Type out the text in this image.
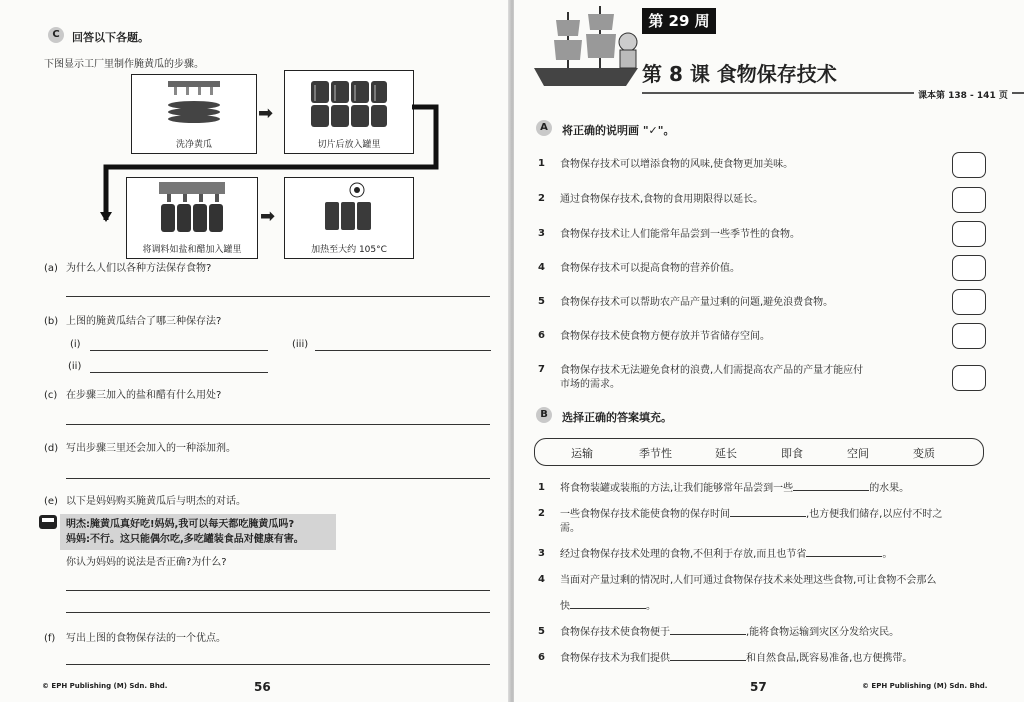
C	回答以下各题。
下图显示工厂里制作腌黄瓜的步骤。
洗净黄瓜
➡
切片后放入罐里
将调料如盐和醋加入罐里
➡
加热至大约 105°C
(a) 为什么人们以各种方法保存食物?
(b) 上图的腌黄瓜结合了哪三种保存法?
(i)	(iii)
(ii)
(c) 在步骤三加入的盐和醋有什么用处?
(d) 写出步骤三里还会加入的一种添加剂。
(e) 以下是妈妈购买腌黄瓜后与明杰的对话。
明杰:腌黄瓜真好吃!妈妈,我可以每天都吃腌黄瓜吗?
妈妈:不行。这只能偶尔吃,多吃罐装食品对健康有害。
你认为妈妈的说法是否正确?为什么?
(f) 写出上图的食物保存法的一个优点。
© EPH Publishing (M) Sdn. Bhd.	56
第 29 周
第 8 课 食物保存技术
课本第 138 - 141 页
A	将正确的说明画 "✓"。
1 食物保存技术可以增添食物的风味,使食物更加美味。
2 通过食物保存技术,食物的食用期限得以延长。
3 食物保存技术让人们能常年品尝到一些季节性的食物。
4 食物保存技术可以提高食物的营养价值。
5 食物保存技术可以帮助农产品产量过剩的问题,避免浪费食物。
6 食物保存技术使食物方便存放并节省储存空间。
7 食物保存技术无法避免食材的浪费,人们需提高农产品的产量才能应付
市场的需求。
B	选择正确的答案填充。
运输	季节性	延长	即食	空间	变质
1 将食物装罐或装瓶的方法,让我们能够常年品尝到一些	的水果。
2 一些食物保存技术能使食物的保存时间	,也方便我们储存,以应付不时之
需。
3 经过食物保存技术处理的食物,不但利于存放,而且也节省	。
4 当面对产量过剩的情况时,人们可通过食物保存技术来处理这些食物,可让食物不会那么
快	。
5 食物保存技术使食物便于	,能将食物运输到灾区分发给灾民。
6 食物保存技术为我们提供	和自然食品,既容易准备,也方便携带。
57	© EPH Publishing (M) Sdn. Bhd.
